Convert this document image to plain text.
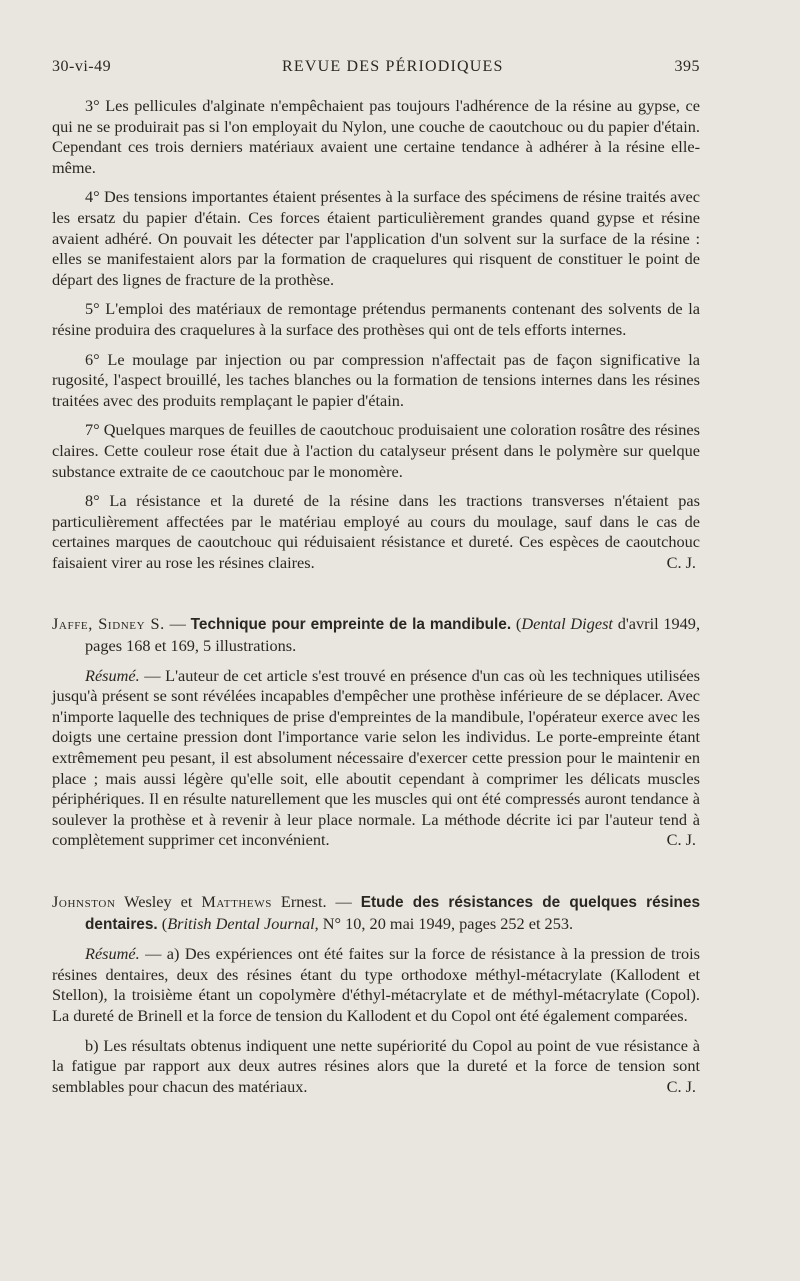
30-vi-49	REVUE DES PÉRIODIQUES	395

3° Les pellicules d'alginate n'empêchaient pas toujours l'adhérence de la résine au gypse, ce qui ne se produirait pas si l'on employait du Nylon, une couche de caoutchouc ou du papier d'étain. Cependant ces trois derniers matériaux avaient une certaine tendance à adhérer à la résine elle-même.

4° Des tensions importantes étaient présentes à la surface des spécimens de résine traités avec les ersatz du papier d'étain. Ces forces étaient particulièrement grandes quand gypse et résine avaient adhéré. On pouvait les détecter par l'application d'un solvent sur la surface de la résine : elles se manifestaient alors par la formation de craquelures qui risquent de constituer le point de départ des lignes de fracture de la prothèse.

5° L'emploi des matériaux de remontage prétendus permanents contenant des solvents de la résine produira des craquelures à la surface des prothèses qui ont de tels efforts internes.

6° Le moulage par injection ou par compression n'affectait pas de façon significative la rugosité, l'aspect brouillé, les taches blanches ou la formation de tensions internes dans les résines traitées avec des produits remplaçant le papier d'étain.

7° Quelques marques de feuilles de caoutchouc produisaient une coloration rosâtre des résines claires. Cette couleur rose était due à l'action du catalyseur présent dans le polymère sur quelque substance extraite de ce caoutchouc par le monomère.

8° La résistance et la dureté de la résine dans les tractions transverses n'étaient pas particulièrement affectées par le matériau employé au cours du moulage, sauf dans le cas de certaines marques de caoutchouc qui réduisaient résistance et dureté. Ces espèces de caoutchouc faisaient virer au rose les résines claires.	C. J.

Jaffe, Sidney S. — Technique pour empreinte de la mandibule. (Dental Digest d'avril 1949, pages 168 et 169, 5 illustrations.

Résumé. — L'auteur de cet article s'est trouvé en présence d'un cas où les techniques utilisées jusqu'à présent se sont révélées incapables d'empêcher une prothèse inférieure de se déplacer. Avec n'importe laquelle des techniques de prise d'empreintes de la mandibule, l'opérateur exerce avec les doigts une certaine pression dont l'importance varie selon les individus. Le porte-empreinte étant extrêmement peu pesant, il est absolument nécessaire d'exercer cette pression pour le maintenir en place ; mais aussi légère qu'elle soit, elle aboutit cependant à comprimer les délicats muscles périphériques. Il en résulte naturellement que les muscles qui ont été compressés auront tendance à soulever la prothèse et à revenir à leur place normale. La méthode décrite ici par l'auteur tend à complètement supprimer cet inconvénient.	C. J.

Johnston Wesley et Matthews Ernest. — Etude des résistances de quelques résines dentaires. (British Dental Journal, N° 10, 20 mai 1949, pages 252 et 253.

Résumé. — a) Des expériences ont été faites sur la force de résistance à la pression de trois résines dentaires, deux des résines étant du type orthodoxe méthyl-métacrylate (Kallodent et Stellon), la troisième étant un copolymère d'éthyl-métacrylate et de méthyl-métacrylate (Copol). La dureté de Brinell et la force de tension du Kallodent et du Copol ont été également comparées.

b) Les résultats obtenus indiquent une nette supériorité du Copol au point de vue résistance à la fatigue par rapport aux deux autres résines alors que la dureté et la force de tension sont semblables pour chacun des matériaux.	C. J.
